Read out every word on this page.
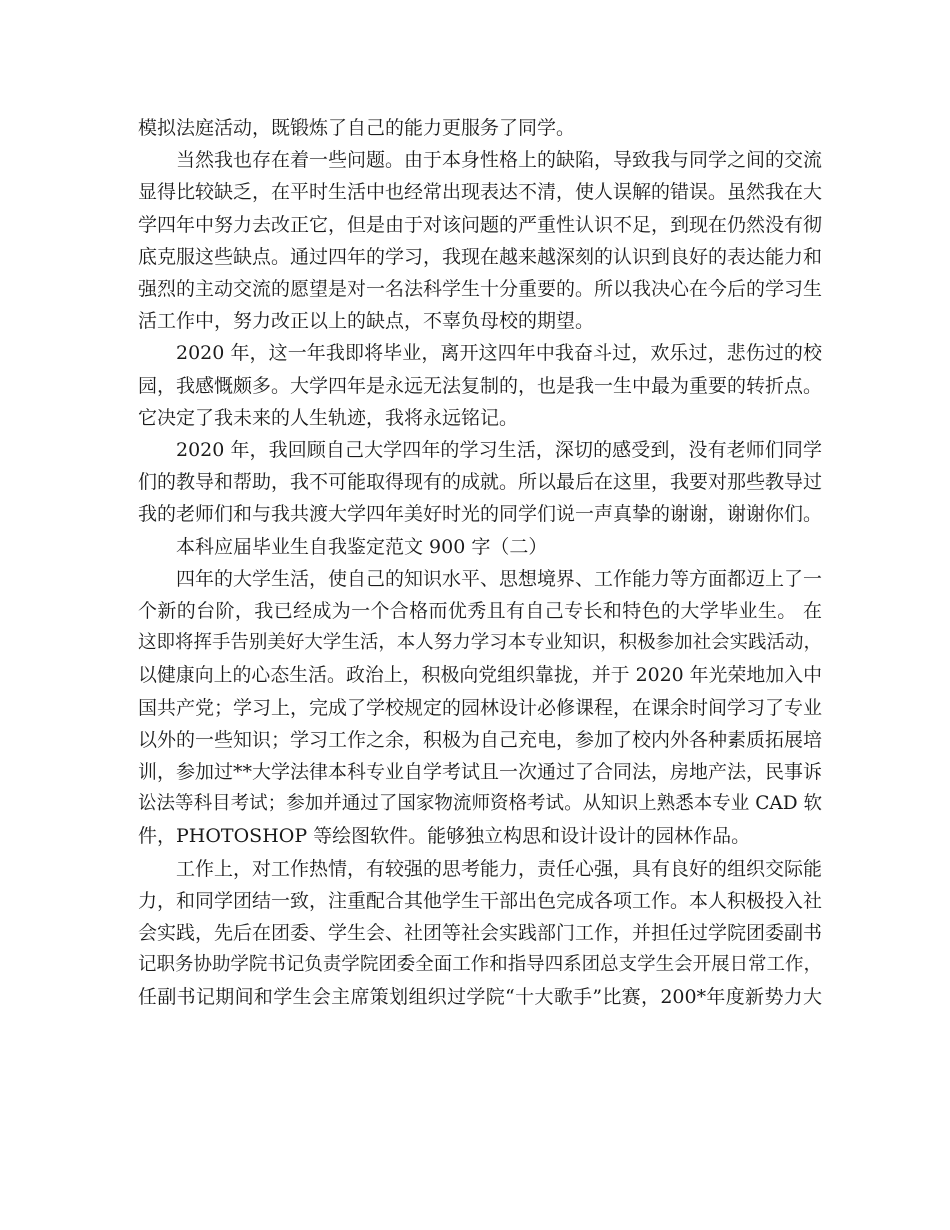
模拟法庭活动，既锻炼了自己的能力更服务了同学。

当然我也存在着一些问题。由于本身性格上的缺陷，导致我与同学之间的交流
显得比较缺乏，在平时生活中也经常出现表达不清，使人误解的错误。虽然我在大
学四年中努力去改正它，但是由于对该问题的严重性认识不足，到现在仍然没有彻
底克服这些缺点。通过四年的学习，我现在越来越深刻的认识到良好的表达能力和
强烈的主动交流的愿望是对一名法科学生十分重要的。所以我决心在今后的学习生
活工作中，努力改正以上的缺点，不辜负母校的期望。

2020 年，这一年我即将毕业，离开这四年中我奋斗过，欢乐过，悲伤过的校
园，我感慨颇多。大学四年是永远无法复制的，也是我一生中最为重要的转折点。
它决定了我未来的人生轨迹，我将永远铭记。

2020 年，我回顾自己大学四年的学习生活，深切的感受到，没有老师们同学
们的教导和帮助，我不可能取得现有的成就。所以最后在这里，我要对那些教导过
我的老师们和与我共渡大学四年美好时光的同学们说一声真挚的谢谢，谢谢你们。

本科应届毕业生自我鉴定范文 900 字（二）

四年的大学生活，使自己的知识水平、思想境界、工作能力等方面都迈上了一
个新的台阶，我已经成为一个合格而优秀且有自己专长和特色的大学毕业生。 在
这即将挥手告别美好大学生活，本人努力学习本专业知识，积极参加社会实践活动，
以健康向上的心态生活。政治上，积极向党组织靠拢，并于 2020 年光荣地加入中
国共产党；学习上，完成了学校规定的园林设计必修课程，在课余时间学习了专业
以外的一些知识；学习工作之余，积极为自己充电，参加了校内外各种素质拓展培
训，参加过**大学法律本科专业自学考试且一次通过了合同法，房地产法，民事诉
讼法等科目考试；参加并通过了国家物流师资格考试。从知识上熟悉本专业 CAD 软
件，PHOTOSHOP 等绘图软件。能够独立构思和设计设计的园林作品。

工作上，对工作热情，有较强的思考能力，责任心强，具有良好的组织交际能
力，和同学团结一致，注重配合其他学生干部出色完成各项工作。本人积极投入社
会实践，先后在团委、学生会、社团等社会实践部门工作，并担任过学院团委副书
记职务协助学院书记负责学院团委全面工作和指导四系团总支学生会开展日常工作，
任副书记期间和学生会主席策划组织过学院“十大歌手”比赛，200*年度新势力大
